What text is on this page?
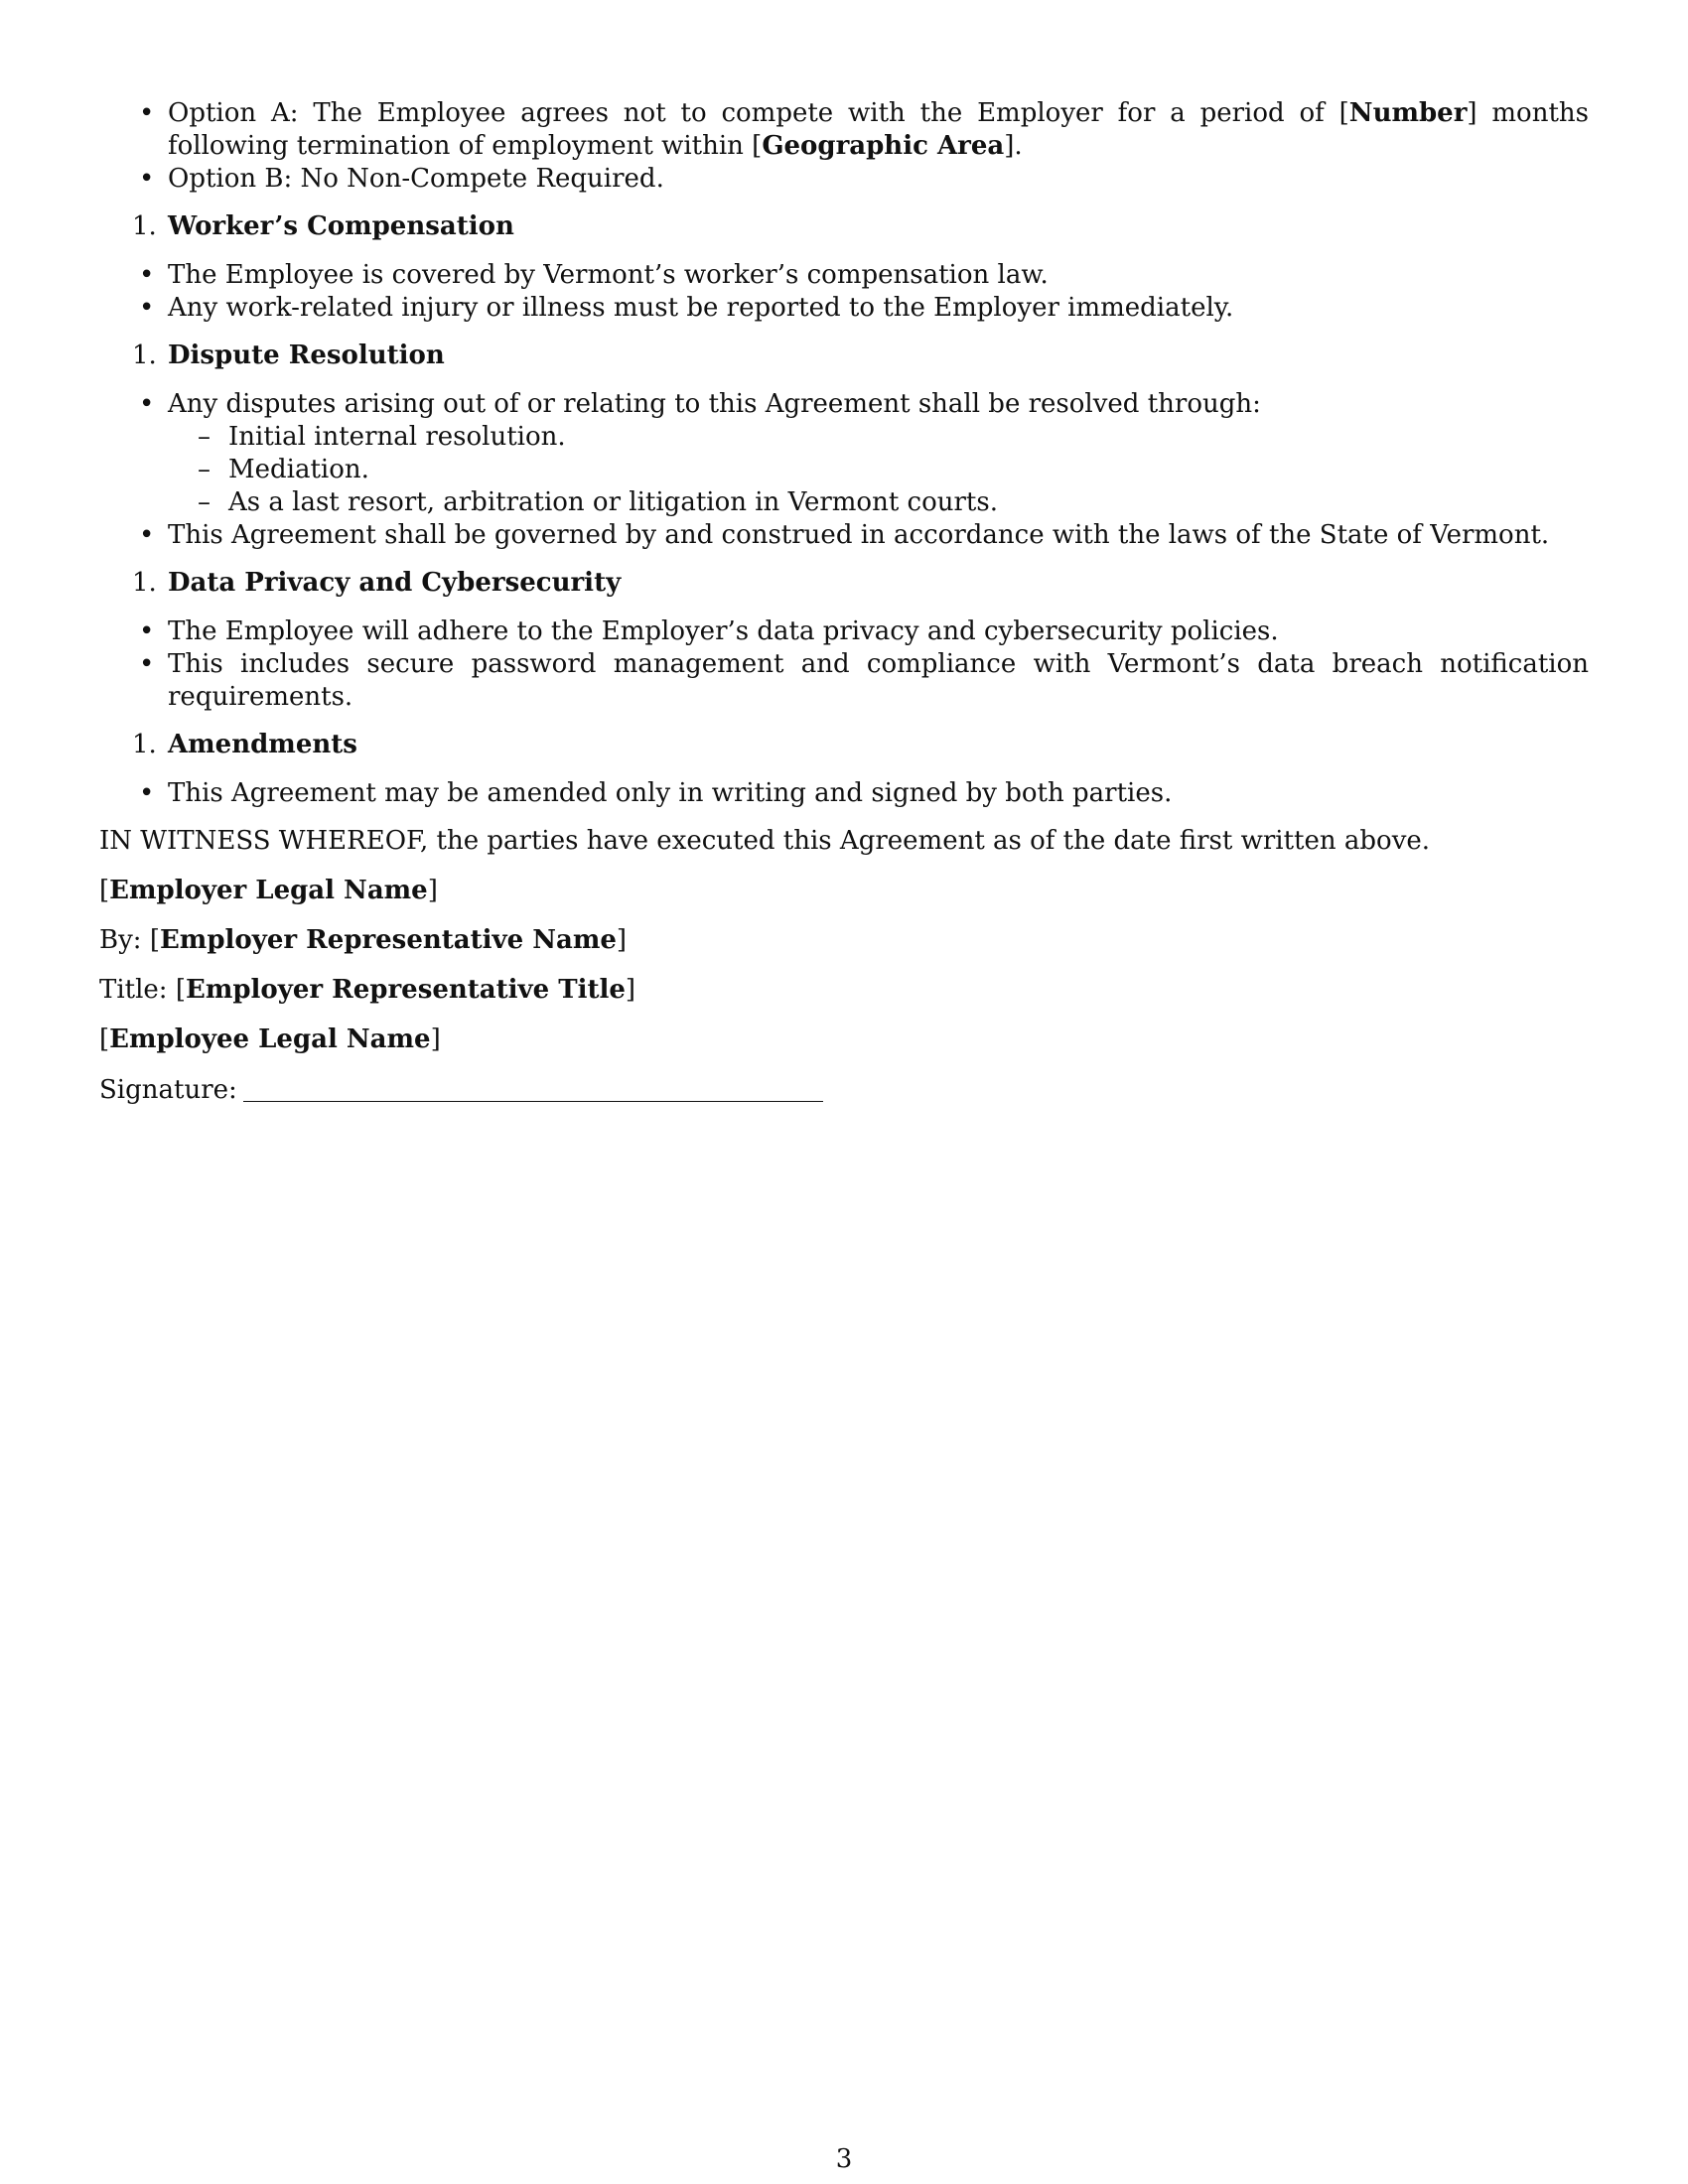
• Option A: The Employee agrees not to compete with the Employer for a period of [Number] months following termination of employment within [Geographic Area].
• Option B: No Non-Compete Required.
1. Worker’s Compensation
• The Employee is covered by Vermont’s worker’s compensation law.
• Any work-related injury or illness must be reported to the Employer immediately.
1. Dispute Resolution
• Any disputes arising out of or relating to this Agreement shall be resolved through:
– Initial internal resolution.
– Mediation.
– As a last resort, arbitration or litigation in Vermont courts.
• This Agreement shall be governed by and construed in accordance with the laws of the State of Vermont.
1. Data Privacy and Cybersecurity
• The Employee will adhere to the Employer’s data privacy and cybersecurity policies.
• This includes secure password management and compliance with Vermont’s data breach notification requirements.
1. Amendments
• This Agreement may be amended only in writing and signed by both parties.

IN WITNESS WHEREOF, the parties have executed this Agreement as of the date first written above.

[Employer Legal Name]

By: [Employer Representative Name]

Title: [Employer Representative Title]

[Employee Legal Name]

Signature:

3
